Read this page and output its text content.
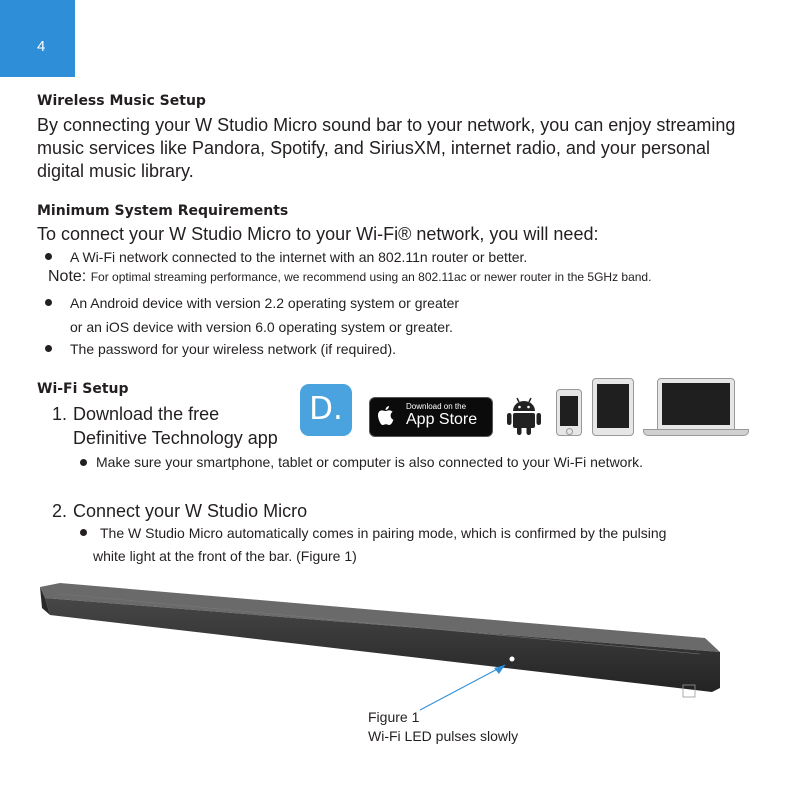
4
Wireless Music Setup
By connecting your W Studio Micro sound bar to your network, you can enjoy streaming
music services like Pandora, Spotify, and SiriusXM, internet radio, and your personal
digital music library.
Minimum System Requirements
To connect your W Studio Micro to your Wi-Fi® network, you will need:
A Wi-Fi network connected to the internet with an 802.11n router or better.
Note: For optimal streaming performance, we recommend using an 802.11ac or newer router in the 5GHz band.
An Android device with version 2.2 operating system or greater
or an iOS device with version 6.0 operating system or greater.
The password for your wireless network (if required).
Wi-Fi Setup
1. Download the free
Definitive Technology app
D.	Download on the
App Store
Make sure your smartphone, tablet or computer is also connected to your Wi-Fi network.
2. Connect your W Studio Micro
The W Studio Micro automatically comes in pairing mode, which is confirmed by the pulsing
white light at the front of the bar. (Figure 1)
Figure 1
Wi-Fi LED pulses slowly
